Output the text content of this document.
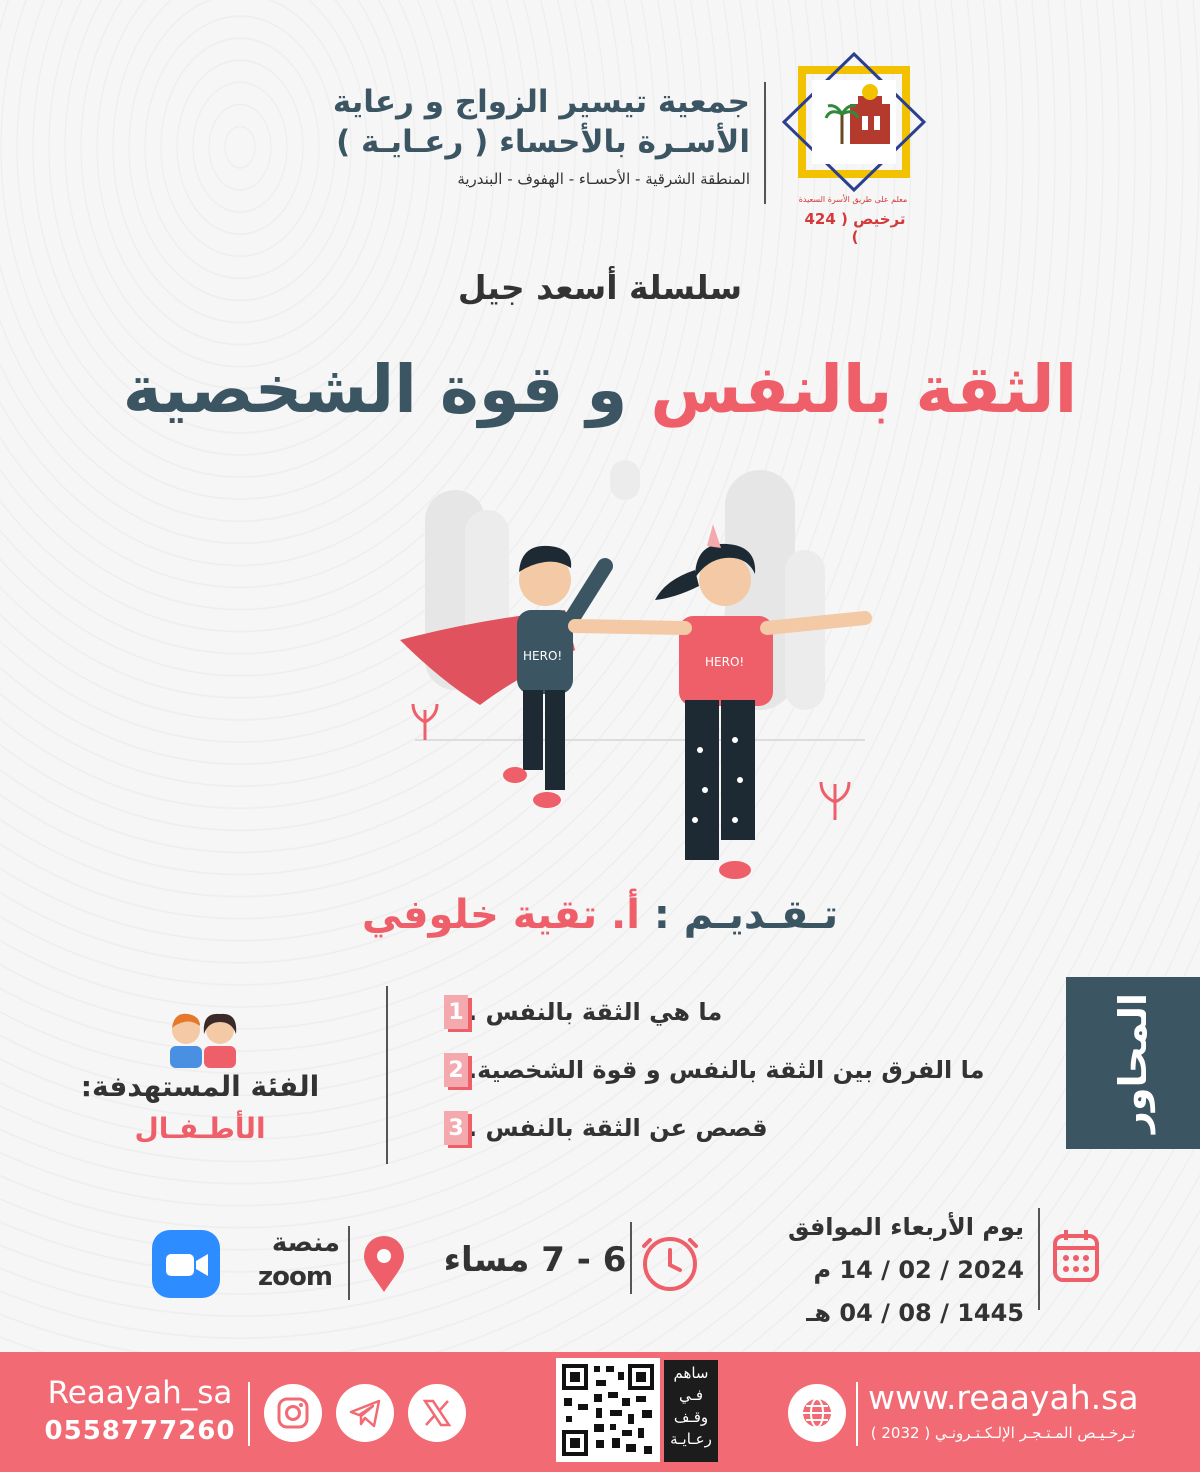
جمعية تيسير الزواج و رعاية
الأسـرة بالأحساء ( رعـايـة )
المنطقة الشرقية - الأحسـاء - الهفوف - البندرية
معلم على طريق الأسرة السعيدة
ترخيص ( 424 )
سلسلة أسعد جيل
الثقة بالنفس و قوة الشخصية
HERO!	HERO!
تـقـديـم : أ. تقية خلوفي
المحاور
1 ما هي الثقة بالنفس .
2 ما الفرق بين الثقة بالنفس و قوة الشخصية.
3 قصص عن الثقة بالنفس .
الفئة المستهدفة:
الأطـفـال
يوم الأربعاء الموافق
2024 / 02 / 14 م
1445 / 08 / 04 هـ
6 - 7 مساء
منصة
zoom
Reaayah_sa
0558777260
ساهم
فـي
وقـف
رعـايـة
www.reaayah.sa
تـرخـيـص المـتـجـر الإلـكـتـرونـي ( 2032 )
